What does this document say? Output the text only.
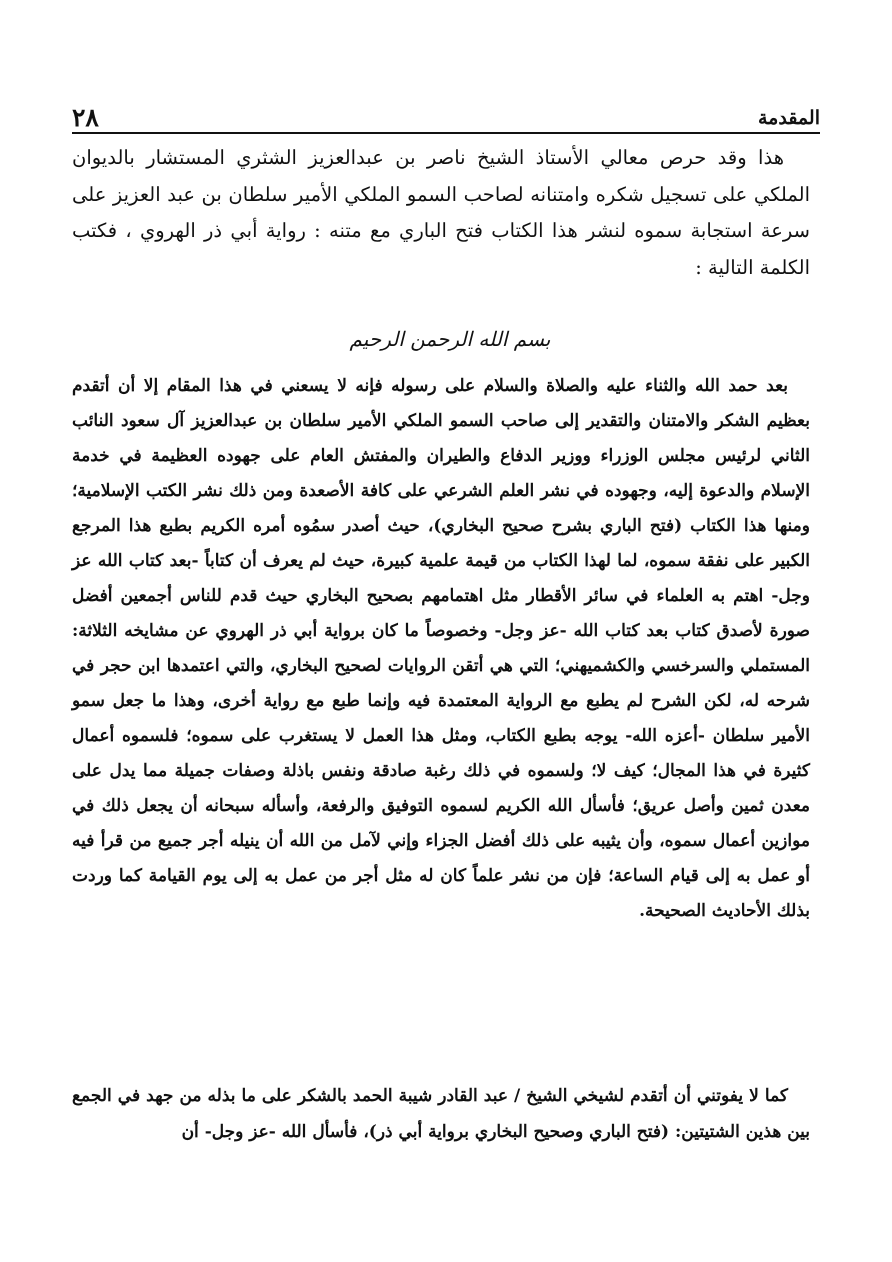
المقدمة
٢٨

هذا وقد حرص معالي الأستاذ الشيخ ناصر بن عبدالعزيز الشثري المستشار بالديوان الملكي على تسجيل شكره وامتنانه لصاحب السمو الملكي الأمير سلطان بن عبد العزيز على سرعة استجابة سموه لنشر هذا الكتاب فتح الباري مع متنه : رواية أبي ذر الهروي ، فكتب الكلمة التالية :

بسم الله الرحمن الرحيم

بعد حمد الله والثناء عليه والصلاة والسلام على رسوله فإنه لا يسعني في هذا المقام إلا أن أتقدم بعظيم الشكر والامتنان والتقدير إلى صاحب السمو الملكي الأمير سلطان بن عبدالعزيز آل سعود النائب الثاني لرئيس مجلس الوزراء ووزير الدفاع والطيران والمفتش العام على جهوده العظيمة في خدمة الإسلام والدعوة إليه، وجهوده في نشر العلم الشرعي على كافة الأصعدة ومن ذلك نشر الكتب الإسلامية؛ ومنها هذا الكتاب (فتح الباري بشرح صحيح البخاري)، حيث أصدر سمُوه أمره الكريم بطبع هذا المرجع الكبير على نفقة سموه، لما لهذا الكتاب من قيمة علمية كبيرة، حيث لم يعرف أن كتاباً -بعد كتاب الله عز وجل- اهتم به العلماء في سائر الأقطار مثل اهتمامهم بصحيح البخاري حيث قدم للناس أجمعين أفضل صورة لأصدق كتاب بعد كتاب الله -عز وجل- وخصوصاً ما كان برواية أبي ذر الهروي عن مشايخه الثلاثة: المستملي والسرخسي والكشميهني؛ التي هي أتقن الروايات لصحيح البخاري، والتي اعتمدها ابن حجر في شرحه له، لكن الشرح لم يطبع مع الرواية المعتمدة فيه وإنما طبع مع رواية أخرى، وهذا ما جعل سمو الأمير سلطان -أعزه الله- يوجه بطبع الكتاب، ومثل هذا العمل لا يستغرب على سموه؛ فلسموه أعمال كثيرة في هذا المجال؛ كيف لا؛ ولسموه في ذلك رغبة صادقة ونفس باذلة وصفات جميلة مما يدل على معدن ثمين وأصل عريق؛ فأسأل الله الكريم لسموه التوفيق والرفعة، وأسأله سبحانه أن يجعل ذلك في موازين أعمال سموه، وأن يثيبه على ذلك أفضل الجزاء وإني لآمل من الله أن ينيله أجر جميع من قرأ فيه أو عمل به إلى قيام الساعة؛ فإن من نشر علماً كان له مثل أجر من عمل به إلى يوم القيامة كما وردت بذلك الأحاديث الصحيحة.

كما لا يفوتني أن أتقدم لشيخي الشيخ / عبد القادر شيبة الحمد بالشكر على ما بذله من جهد في الجمع بين هذين الشتيتين: (فتح الباري وصحيح البخاري برواية أبي ذر)، فأسأل الله -عز وجل- أن
